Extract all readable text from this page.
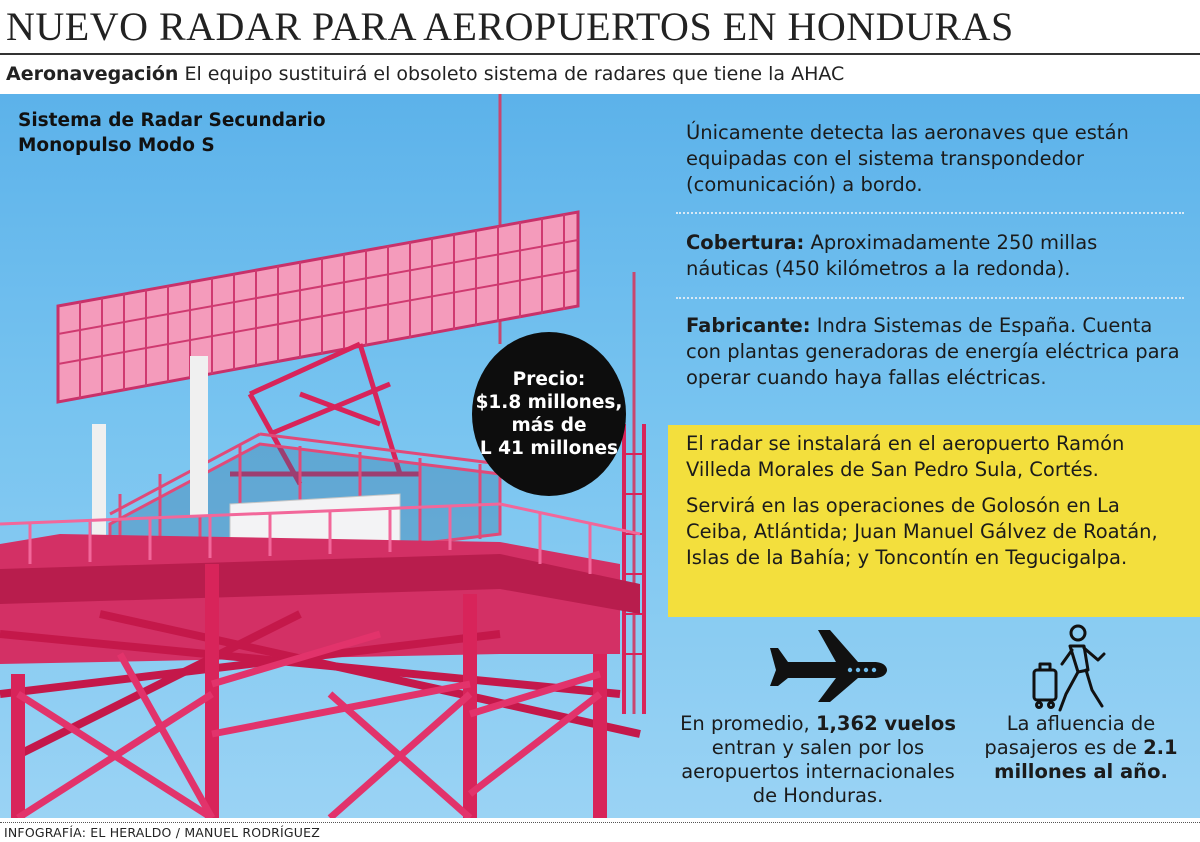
NUEVO RADAR PARA AEROPUERTOS EN HONDURAS
Aeronavegación El equipo sustituirá el obsoleto sistema de radares que tiene la AHAC
Sistema de Radar Secundario
Monopulso Modo S
Precio:
$1.8 millones,
más de
L 41 millones
Únicamente detecta las aeronaves que están equipadas con el sistema transpondedor (comunicación) a bordo.
Cobertura: Aproximadamente 250 millas náuticas (450 kilómetros a la redonda).
Fabricante: Indra Sistemas de España. Cuenta con plantas generadoras de energía eléctrica para operar cuando haya fallas eléctricas.
El radar se instalará en el aeropuerto Ramón Villeda Morales de San Pedro Sula, Cortés.
Servirá en las operaciones de Golosón en La Ceiba, Atlántida; Juan Manuel Gálvez de Roatán, Islas de la Bahía; y Toncontín en Tegucigalpa.
En promedio, 1,362 vuelos entran y salen por los aeropuertos internacionales de Honduras.
La afluencia de pasajeros es de 2.1 millones al año.
INFOGRAFÍA: EL HERALDO / MANUEL RODRÍGUEZ
